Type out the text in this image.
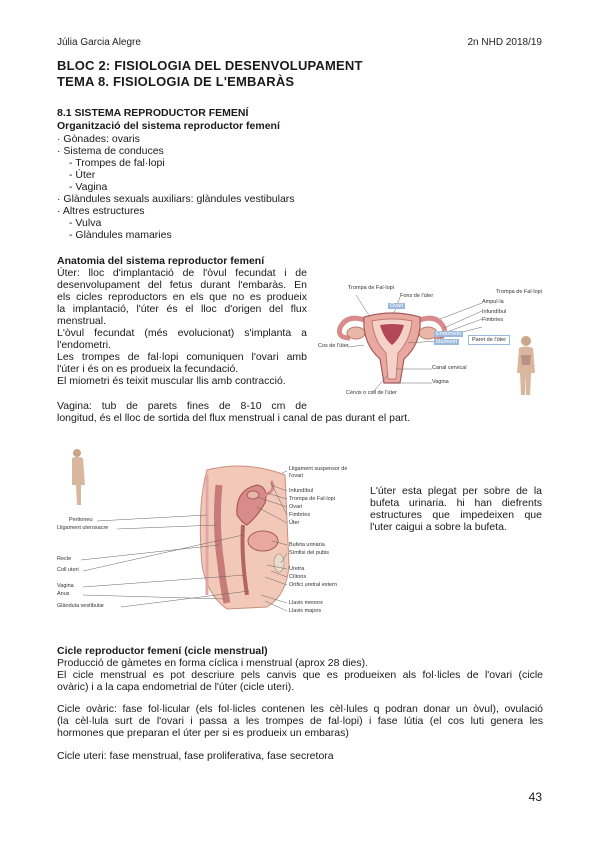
Júlia Garcia Alegre	2n NHD 2018/19
BLOC 2: FISIOLOGIA DEL DESENVOLUPAMENT
TEMA 8. FISIOLOGIA DE L'EMBARÀS
8.1 SISTEMA REPRODUCTOR FEMENÍ
Organització del sistema reproductor femení
· Gònades: ovaris
· Sistema de conduces
- Trompes de fal·lopi
- Úter
- Vagina
· Glàndules sexuals auxiliars: glàndules vestibulars
· Altres estructures
- Vulva
- Glàndules mamaries
Anatomia del sistema reproductor femení
Úter: lloc d'implantació de l'òvul fecundat i de
desenvolupament del fetus durant l'embaràs. En
els cicles reproductors en els que no es produeix
la implantació, l'úter és el lloc d'origen del flux
menstrual.
L'òvul fecundat (més evolucionat) s'implanta a
l'endometri.
Les trompes de fal·lopi comuniquen l'ovari amb
l'úter i és on es produeix la fecundació.
El miometri és teixit muscular llis amb contracció.
Vagina: tub de parets fines de 8-10 cm de
longitud, és el lloc de sortida del flux menstrual i canal de pas durant el part.
Trompa de Fal·lopi
Fons de l'úter
Trompa de Fal·lopi
Ovari
Ampul·la
Infundíbul
Fimbries
Endometri
Miometri	Paret de l'úter
Cos de l'úter
Canal cervical
Vagina
Cèrvix o coll de l'úter
Lligament suspensor de
l'ovari
Infundíbul
Trompa de Fal·lopi
Ovari
Fimbries
Úter
Bufeta urinària
Símfisi del pubis
Uretra
Clítoris
Orifici uretral extern
Llavis menors
Llavis majors
Peritoneu
Lligament uterosacre
Recte
Coll uteri
Vagina
Anus
Glàndula vestibular
L'úter esta plegat per sobre de la
bufeta urinaria. hi han diefrents
estructures que impedeixen que
l'uter caigui a sobre la bufeta.
Cicle reproductor femení (cicle menstrual)
Producció de gàmetes en forma cíclica i menstrual (aprox 28 dies).
El cicle menstrual es pot descriure pels canvis que es produeixen als fol·licles de l'ovari (cicle
ovàric) i a la capa endometrial de l'úter (cicle uteri).
Cicle ovàric: fase fol·licular (els fol·licles contenen les cèl·lules q podran donar un òvul), ovulació
(la cèl·lula surt de l'ovari i passa a les trompes de fal·lopi) i fase lútia (el cos luti genera les
hormones que preparan el úter per si es produeix un embaras)
Cicle uteri: fase menstrual, fase proliferativa, fase secretora
43
